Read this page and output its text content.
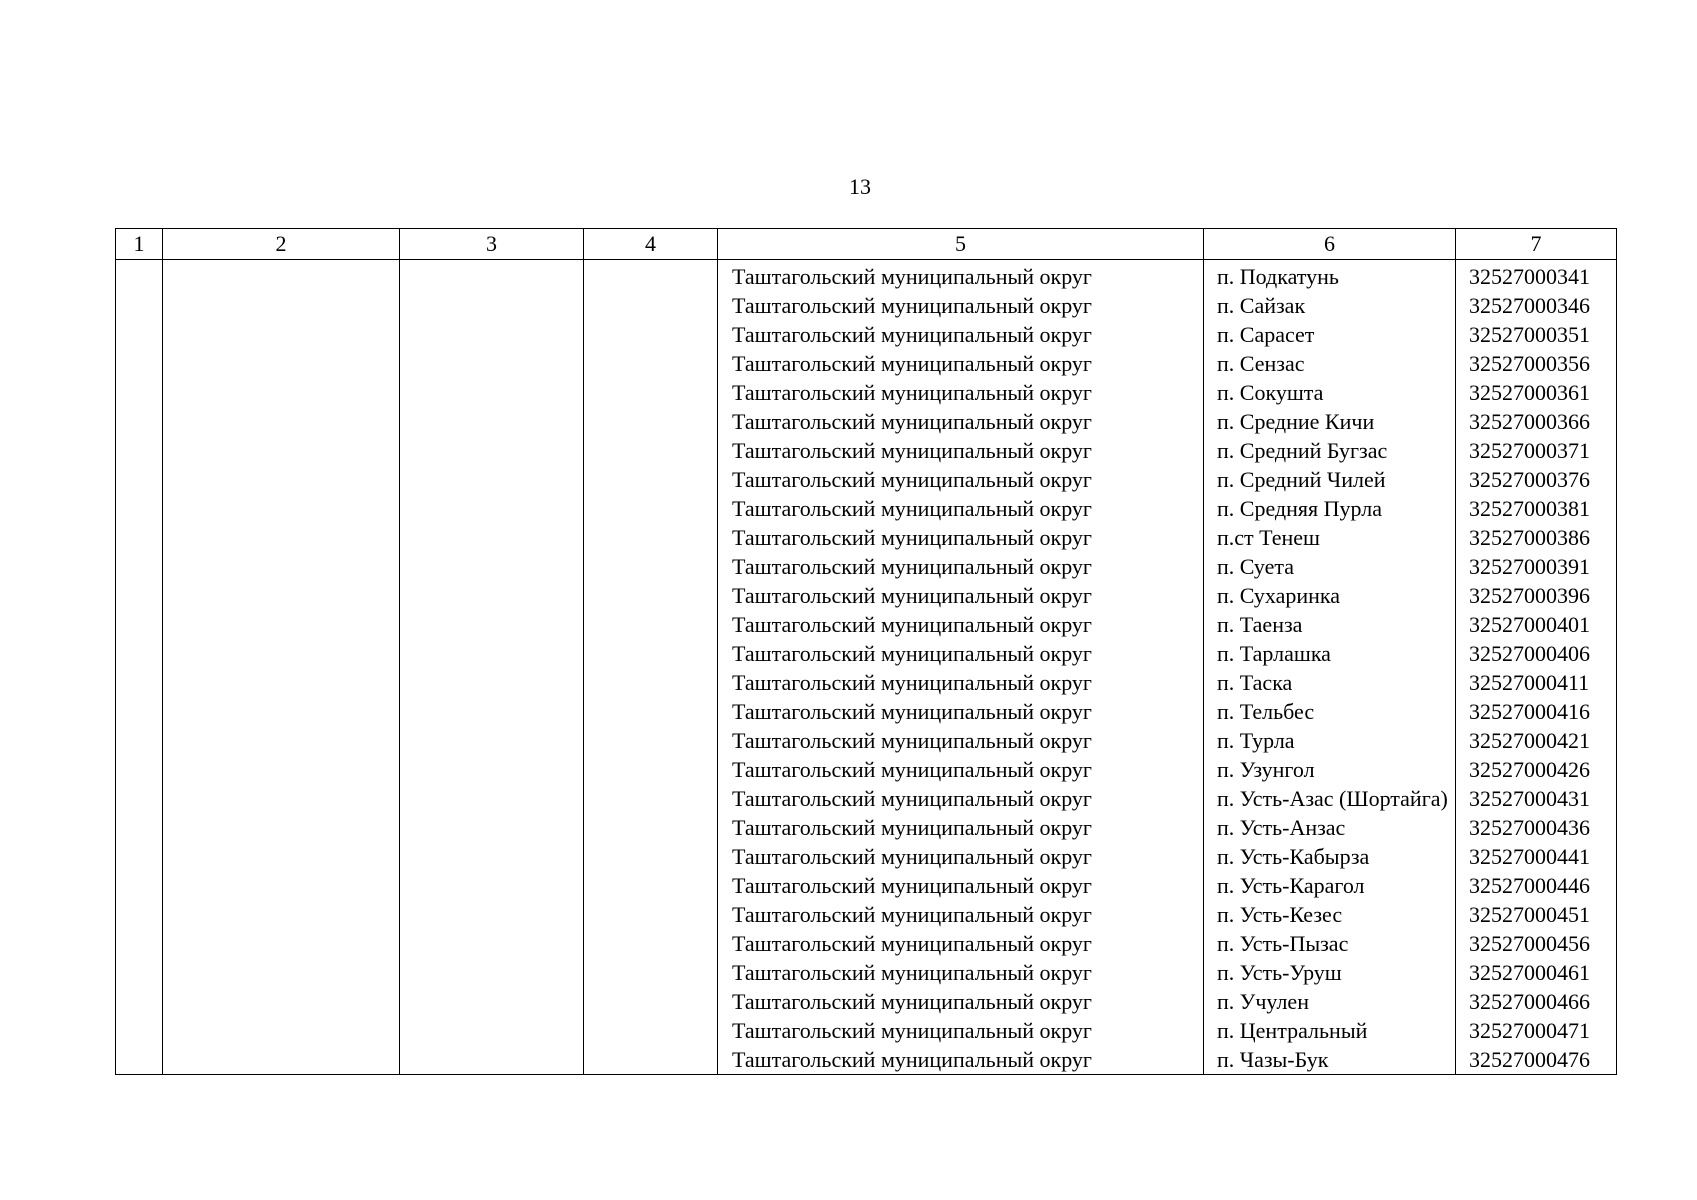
13
1	2	3	4	5	6	7
				Таштагольский муниципальный округ	п. Подкатунь	32527000341
				Таштагольский муниципальный округ	п. Сайзак	32527000346
				Таштагольский муниципальный округ	п. Сарасет	32527000351
				Таштагольский муниципальный округ	п. Сензас	32527000356
				Таштагольский муниципальный округ	п. Сокушта	32527000361
				Таштагольский муниципальный округ	п. Средние Кичи	32527000366
				Таштагольский муниципальный округ	п. Средний Бугзас	32527000371
				Таштагольский муниципальный округ	п. Средний Чилей	32527000376
				Таштагольский муниципальный округ	п. Средняя Пурла	32527000381
				Таштагольский муниципальный округ	п.ст Тенеш	32527000386
				Таштагольский муниципальный округ	п. Суета	32527000391
				Таштагольский муниципальный округ	п. Сухаринка	32527000396
				Таштагольский муниципальный округ	п. Таенза	32527000401
				Таштагольский муниципальный округ	п. Тарлашка	32527000406
				Таштагольский муниципальный округ	п. Таска	32527000411
				Таштагольский муниципальный округ	п. Тельбес	32527000416
				Таштагольский муниципальный округ	п. Турла	32527000421
				Таштагольский муниципальный округ	п. Узунгол	32527000426
				Таштагольский муниципальный округ	п. Усть-Азас (Шортайга)	32527000431
				Таштагольский муниципальный округ	п. Усть-Анзас	32527000436
				Таштагольский муниципальный округ	п. Усть-Кабырза	32527000441
				Таштагольский муниципальный округ	п. Усть-Карагол	32527000446
				Таштагольский муниципальный округ	п. Усть-Кезес	32527000451
				Таштагольский муниципальный округ	п. Усть-Пызас	32527000456
				Таштагольский муниципальный округ	п. Усть-Уруш	32527000461
				Таштагольский муниципальный округ	п. Учулен	32527000466
				Таштагольский муниципальный округ	п. Центральный	32527000471
				Таштагольский муниципальный округ	п. Чазы-Бук	32527000476
